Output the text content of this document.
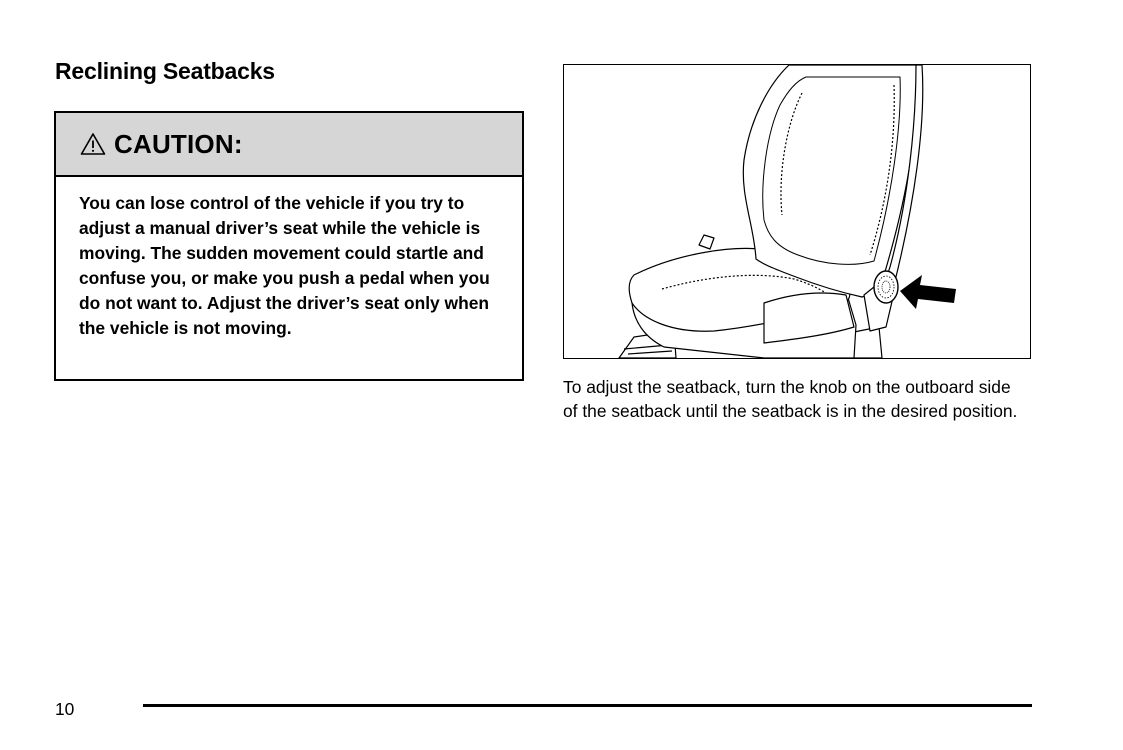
Reclining Seatbacks
CAUTION:
You can lose control of the vehicle if you try to adjust a manual driver’s seat while the vehicle is moving. The sudden movement could startle and confuse you, or make you push a pedal when you do not want to. Adjust the driver’s seat only when the vehicle is not moving.

To adjust the seatback, turn the knob on the outboard side of the seatback until the seatback is in the desired position.

10
